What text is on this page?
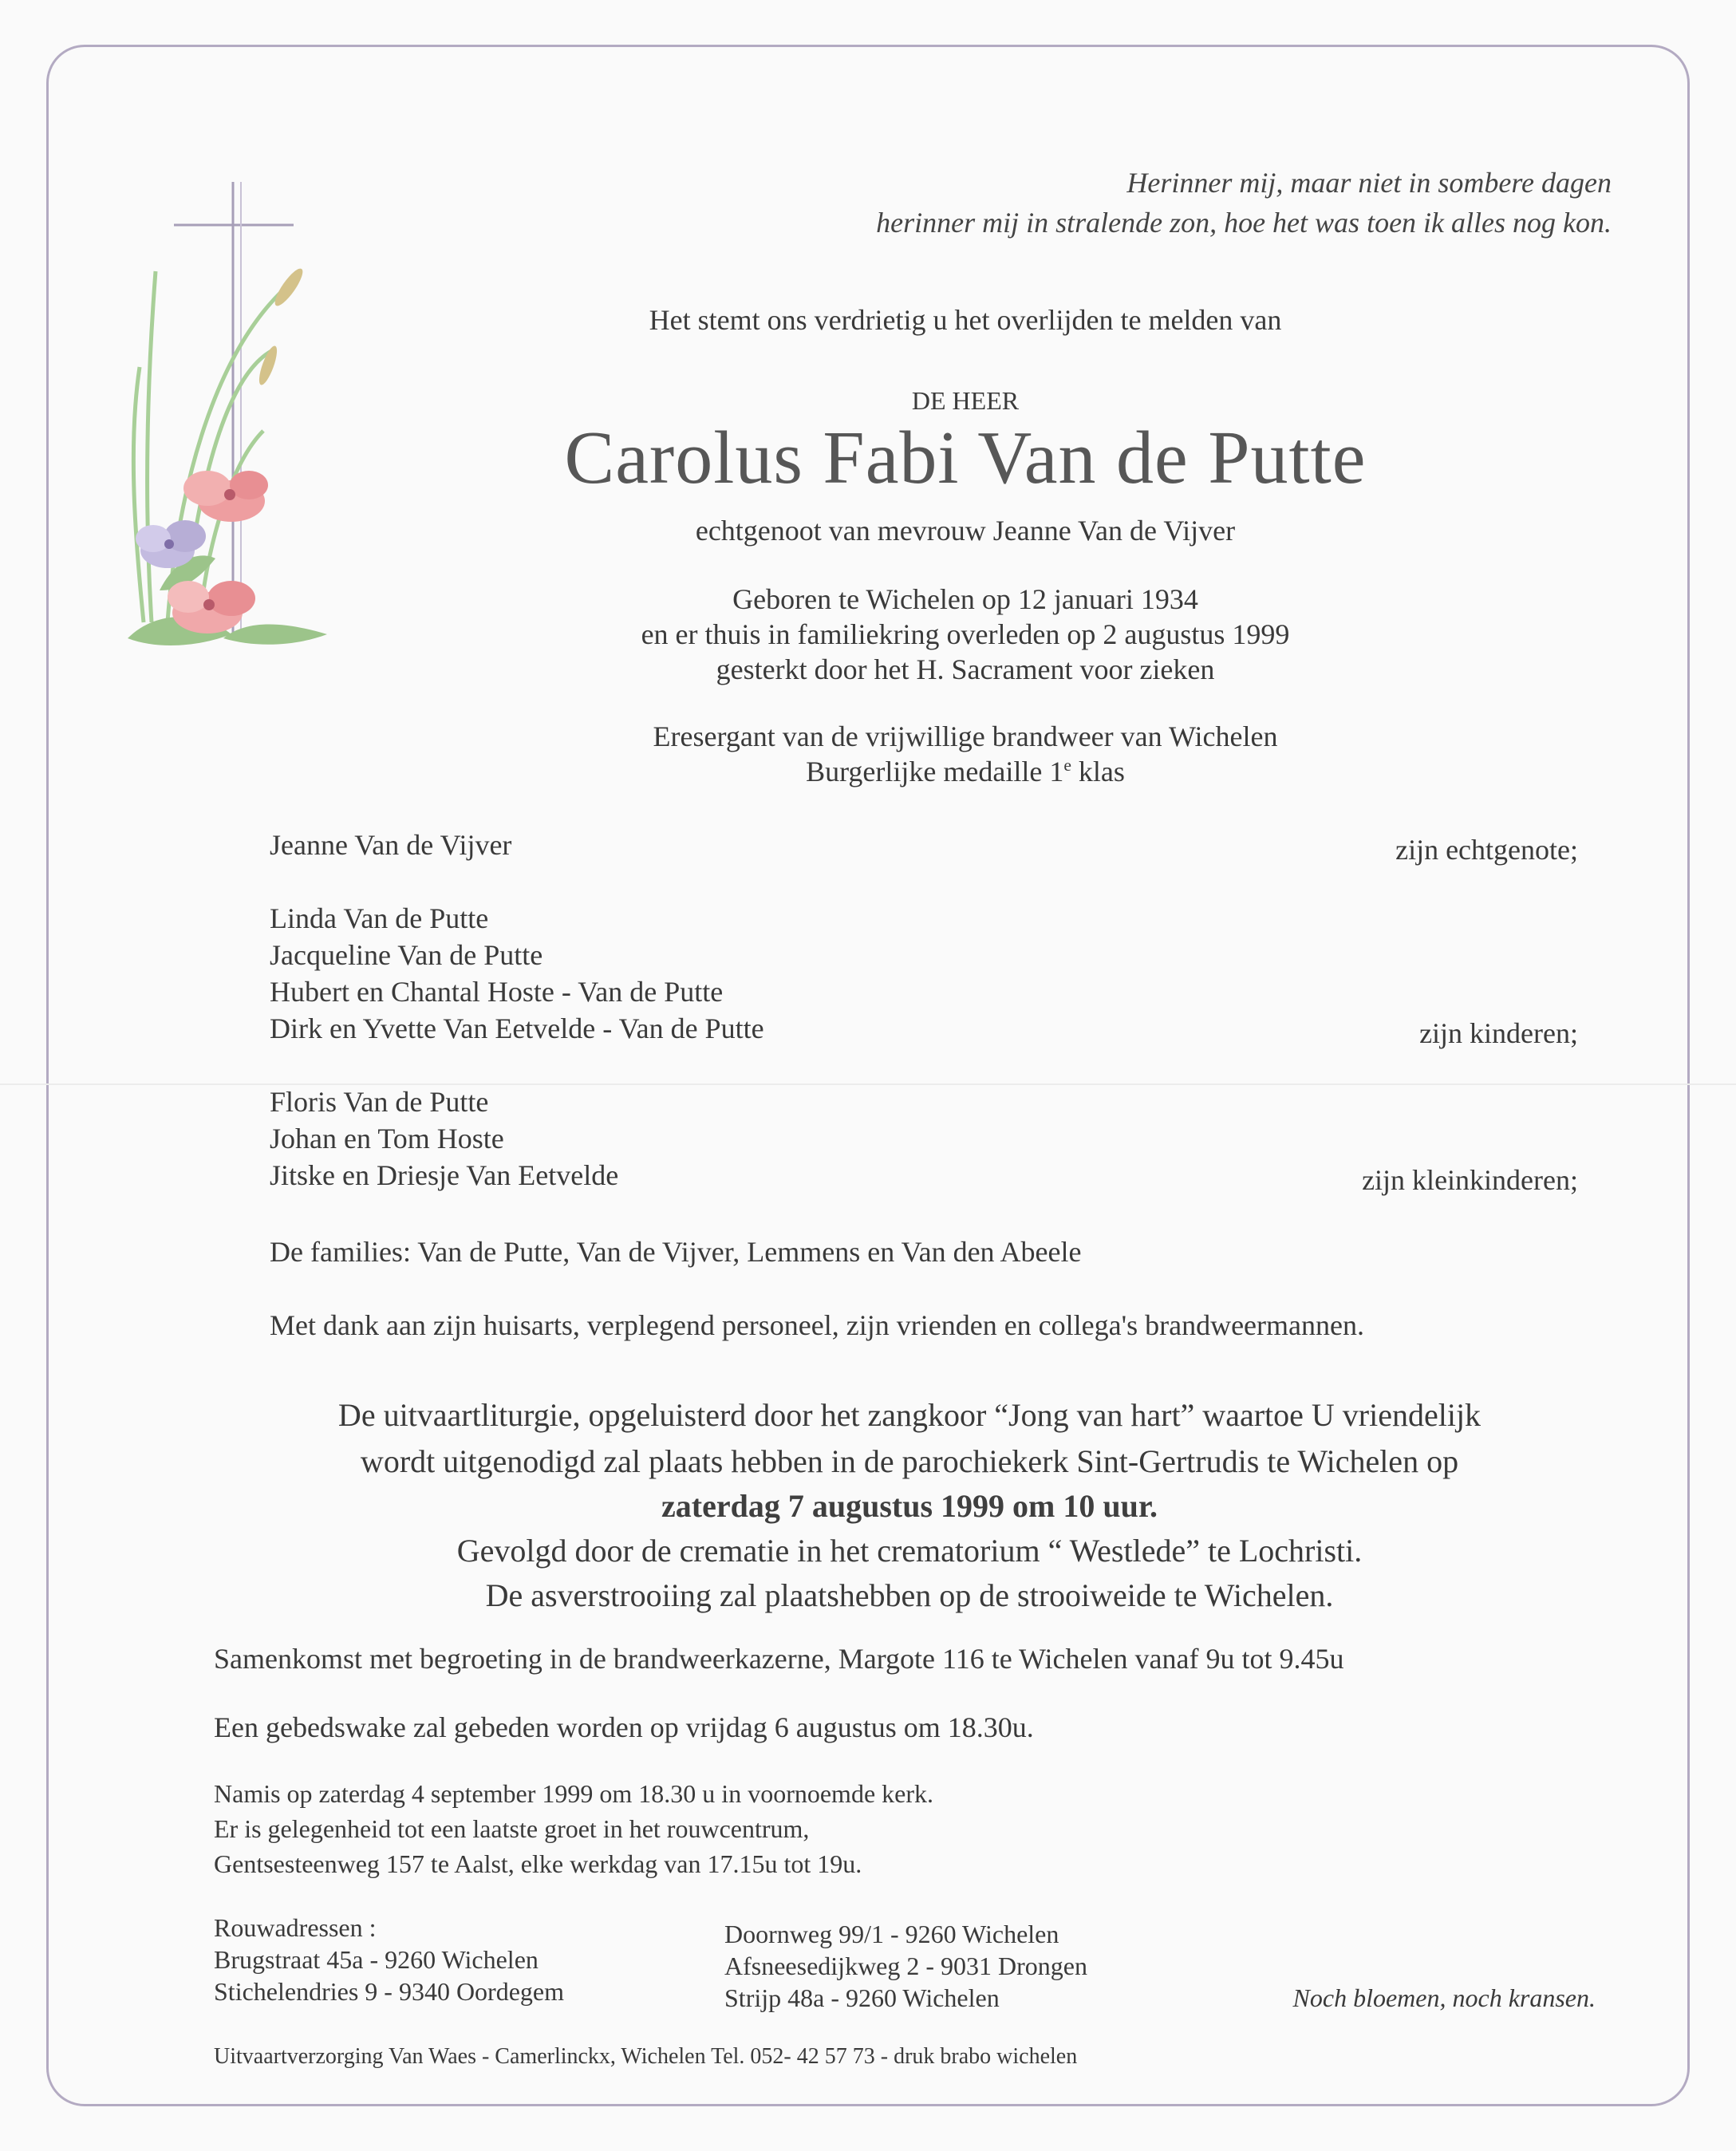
Herinner mij, maar niet in sombere dagen
herinner mij in stralende zon, hoe het was toen ik alles nog kon.
Het stemt ons verdrietig u het overlijden te melden van
DE HEER
Carolus Fabi Van de Putte
echtgenoot van mevrouw Jeanne Van de Vijver
Geboren te Wichelen op 12 januari 1934
en er thuis in familiekring overleden op 2 augustus 1999
gesterkt door het H. Sacrament voor zieken
Eresergant van de vrijwillige brandweer van Wichelen
Burgerlijke medaille 1e klas
Jeanne Van de Vijver	zijn echtgenote;
Linda Van de Putte
Jacqueline Van de Putte
Hubert en Chantal Hoste - Van de Putte
Dirk en Yvette Van Eetvelde - Van de Putte	zijn kinderen;
Floris Van de Putte
Johan en Tom Hoste
Jitske en Driesje Van Eetvelde	zijn kleinkinderen;
De families: Van de Putte, Van de Vijver, Lemmens en Van den Abeele
Met dank aan zijn huisarts, verplegend personeel, zijn vrienden en collega's brandweermannen.
De uitvaartliturgie, opgeluisterd door het zangkoor “Jong van hart” waartoe U vriendelijk
wordt uitgenodigd zal plaats hebben in de parochiekerk Sint-Gertrudis te Wichelen op
zaterdag 7 augustus 1999 om 10 uur.
Gevolgd door de crematie in het crematorium “ Westlede” te Lochristi.
De asverstrooiing zal plaatshebben op de strooiweide te Wichelen.
Samenkomst met begroeting in de brandweerkazerne, Margote 116 te Wichelen vanaf 9u tot 9.45u
Een gebedswake zal gebeden worden op vrijdag 6 augustus om 18.30u.
Namis op zaterdag 4 september 1999 om 18.30 u in voornoemde kerk.
Er is gelegenheid tot een laatste groet in het rouwcentrum,
Gentsesteenweg 157 te Aalst, elke werkdag van 17.15u tot 19u.
Rouwadressen :
Brugstraat 45a - 9260 Wichelen
Stichelendries 9 - 9340 Oordegem
Doornweg 99/1 - 9260 Wichelen
Afsneesedijkweg 2 - 9031 Drongen
Strijp 48a - 9260 Wichelen	Noch bloemen, noch kransen.
Uitvaartverzorging Van Waes - Camerlinckx, Wichelen Tel. 052- 42 57 73 - druk brabo wichelen
